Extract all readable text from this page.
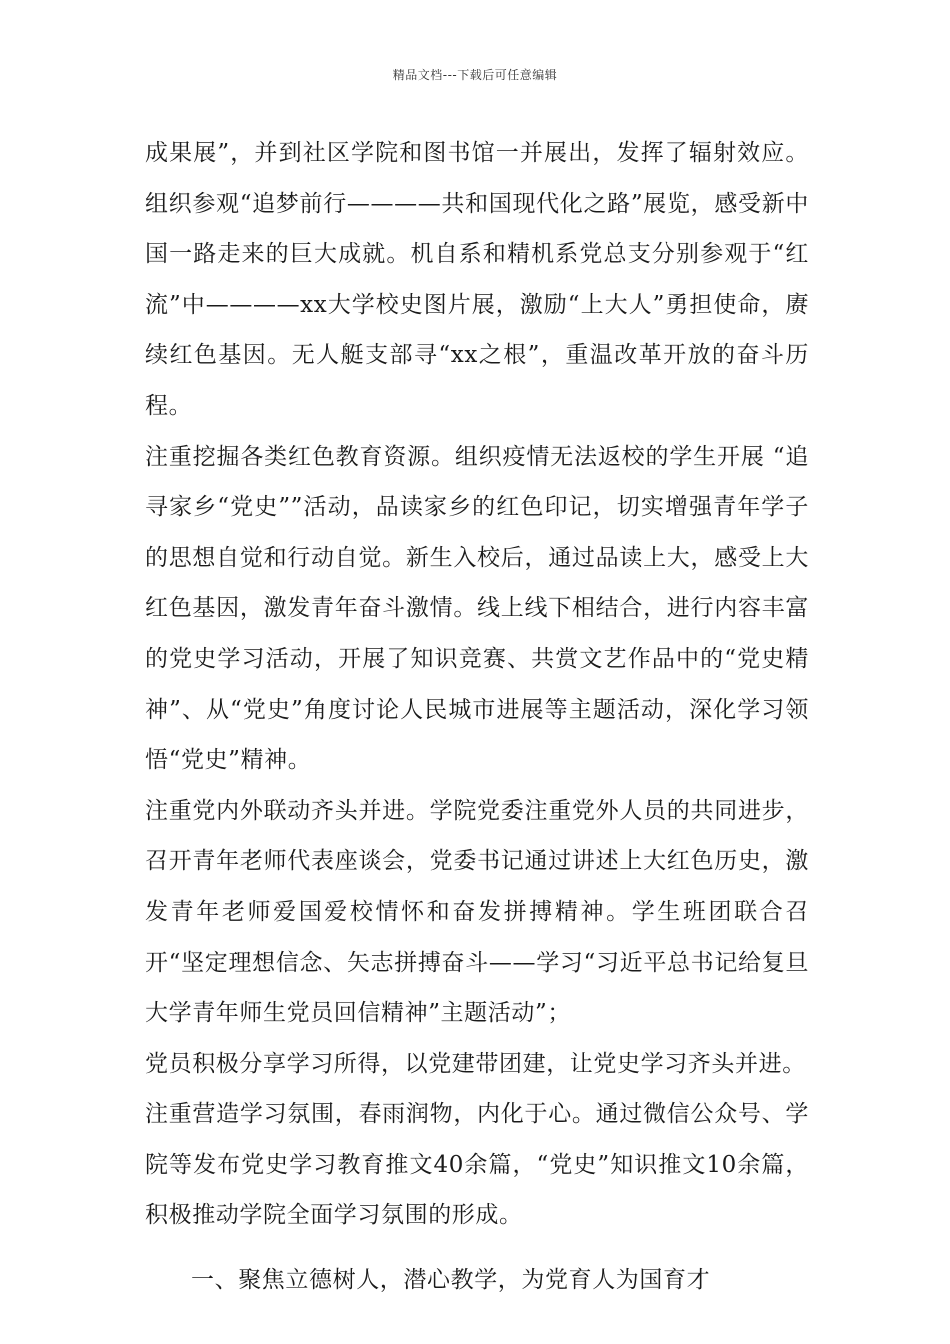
精品文档---下载后可任意编辑

成果展”，并到社区学院和图书馆一并展出，发挥了辐射效应。组织参观“追梦前行————共和国现代化之路”展览，感受新中国一路走来的巨大成就。机自系和精机系党总支分别参观于“红流”中————xx大学校史图片展，激励“上大人”勇担使命，赓续红色基因。无人艇支部寻“xx之根”，重温改革开放的奋斗历程。

注重挖掘各类红色教育资源。组织疫情无法返校的学生开展 “追寻家乡“党史””活动，品读家乡的红色印记，切实增强青年学子的思想自觉和行动自觉。新生入校后，通过品读上大，感受上大红色基因，激发青年奋斗激情。线上线下相结合，进行内容丰富的党史学习活动，开展了知识竞赛、共赏文艺作品中的“党史精神”、从“党史”角度讨论人民城市进展等主题活动，深化学习领悟“党史”精神。

注重党内外联动齐头并进。学院党委注重党外人员的共同进步，召开青年老师代表座谈会，党委书记通过讲述上大红色历史，激发青年老师爱国爱校情怀和奋发拼搏精神。学生班团联合召开“坚定理想信念、矢志拼搏奋斗——学习“习近平总书记给复旦大学青年师生党员回信精神”主题活动”；

党员积极分享学习所得，以党建带团建，让党史学习齐头并进。

注重营造学习氛围，春雨润物，内化于心。通过微信公众号、学院等发布党史学习教育推文40余篇，“党史”知识推文10余篇，积极推动学院全面学习氛围的形成。

一、聚焦立德树人，潜心教学，为党育人为国育才
